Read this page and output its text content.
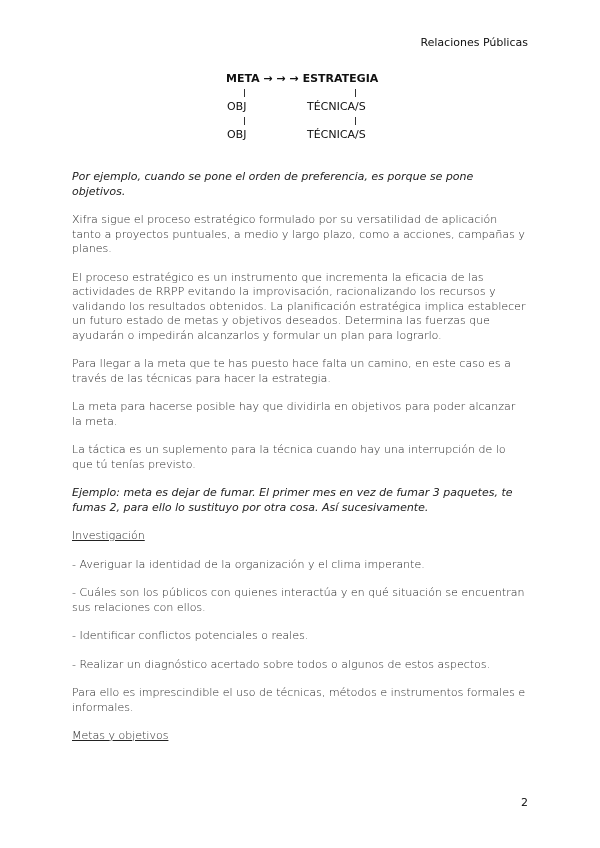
Relaciones Públicas
META → → → ESTRATEGIA
OBJ	TÉCNICA/S
OBJ	TÉCNICA/S

Por ejemplo, cuando se pone el orden de preferencia, es porque se pone objetivos.

Xifra sigue el proceso estratégico formulado por su versatilidad de aplicación tanto a proyectos puntuales, a medio y largo plazo, como a acciones, campañas y planes.

El proceso estratégico es un instrumento que incrementa la eficacia de las actividades de RRPP evitando la improvisación, racionalizando los recursos y validando los resultados obtenidos. La planificación estratégica implica establecer un futuro estado de metas y objetivos deseados. Determina las fuerzas que ayudarán o impedirán alcanzarlos y formular un plan para lograrlo.

Para llegar a la meta que te has puesto hace falta un camino, en este caso es a través de las técnicas para hacer la estrategia.

La meta para hacerse posible hay que dividirla en objetivos para poder alcanzar la meta.

La táctica es un suplemento para la técnica cuando hay una interrupción de lo que tú tenías previsto.

Ejemplo: meta es dejar de fumar. El primer mes en vez de fumar 3 paquetes, te fumas 2, para ello lo sustituyo por otra cosa. Así sucesivamente.

Investigación

- Averiguar la identidad de la organización y el clima imperante.

- Cuáles son los públicos con quienes interactúa y en qué situación se encuentran sus relaciones con ellos.

- Identificar conflictos potenciales o reales.

- Realizar un diagnóstico acertado sobre todos o algunos de estos aspectos.

Para ello es imprescindible el uso de técnicas, métodos e instrumentos formales e informales.

Metas y objetivos

2
